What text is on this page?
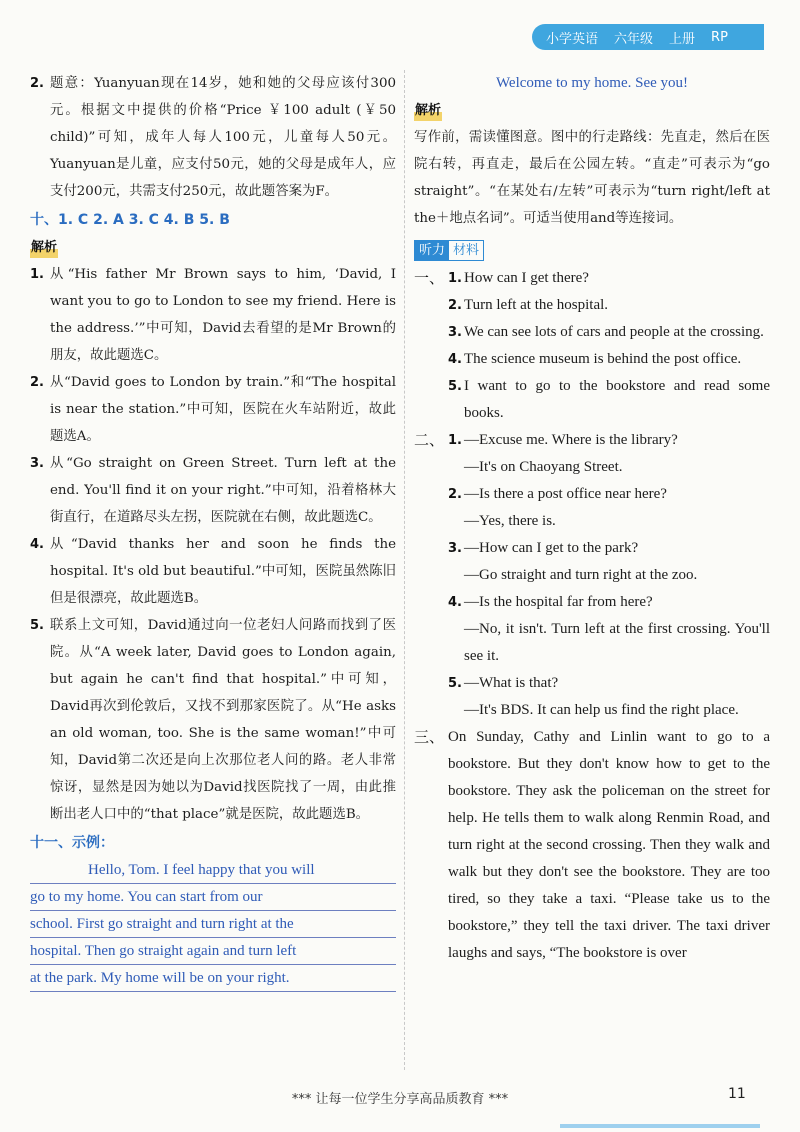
小学英语	六年级	上册	RP
2. 题意：Yuanyuan现在14岁，她和她的父母应该付300元。根据文中提供的价格“Price ￥100 adult (￥50 child)”可知，成年人每人100元，儿童每人50元。Yuanyuan是儿童，应支付50元，她的父母是成年人，应支付200元，共需支付250元，故此题答案为F。
十、1. C 2. A 3. C 4. B 5. B
解析
1. 从“His father Mr Brown says to him, ‘David, I want you to go to London to see my friend. Here is the address.’”中可知，David去看望的是Mr Brown的朋友，故此题选C。
2. 从“David goes to London by train.”和“The hospital is near the station.”中可知，医院在火车站附近，故此题选A。
3. 从“Go straight on Green Street. Turn left at the end. You'll find it on your right.”中可知，沿着格林大街直行，在道路尽头左拐，医院就在右侧，故此题选C。
4. 从“David thanks her and soon he finds the hospital. It's old but beautiful.”中可知，医院虽然陈旧但是很漂亮，故此题选B。
5. 联系上文可知，David通过向一位老妇人问路而找到了医院。从“A week later, David goes to London again, but again he can't find that hospital.”中可知，David再次到伦敦后，又找不到那家医院了。从“He asks an old woman, too. She is the same woman!”中可知，David第二次还是向上次那位老人问的路。老人非常惊讶，显然是因为她以为David找医院找了一周，由此推断出老人口中的“that place”就是医院，故此题选B。
十一、示例：
Hello, Tom. I feel happy that you will
go to my home. You can start from our
school. First go straight and turn right at the
hospital. Then go straight again and turn left
at the park. My home will be on your right.
Welcome to my home. See you!
解析
写作前，需读懂图意。图中的行走路线：先直走，然后在医院右转，再直走，最后在公园左转。“直走”可表示为“go straight”。“在某处右/左转”可表示为“turn right/left at the＋地点名词”。可适当使用and等连接词。
听力 材料
一、 1. How can I get there?
2. Turn left at the hospital.
3. We can see lots of cars and people at the crossing.
4. The science museum is behind the post office.
5. I want to go to the bookstore and read some books.
二、 1. —Excuse me. Where is the library?
—It's on Chaoyang Street.
2. —Is there a post office near here?
—Yes, there is.
3. —How can I get to the park?
—Go straight and turn right at the zoo.
4. —Is the hospital far from here?
—No, it isn't. Turn left at the first crossing. You'll see it.
5. —What is that?
—It's BDS. It can help us find the right place.
三、 On Sunday, Cathy and Linlin want to go to a bookstore. But they don't know how to get to the bookstore. They ask the policeman on the street for help. He tells them to walk along Renmin Road, and turn right at the second crossing. Then they walk and walk but they don't see the bookstore. They are too tired, so they take a taxi. “Please take us to the bookstore,” they tell the taxi driver. The taxi driver laughs and says, “The bookstore is over
*** 让每一位学生分享高品质教育 ***	11
